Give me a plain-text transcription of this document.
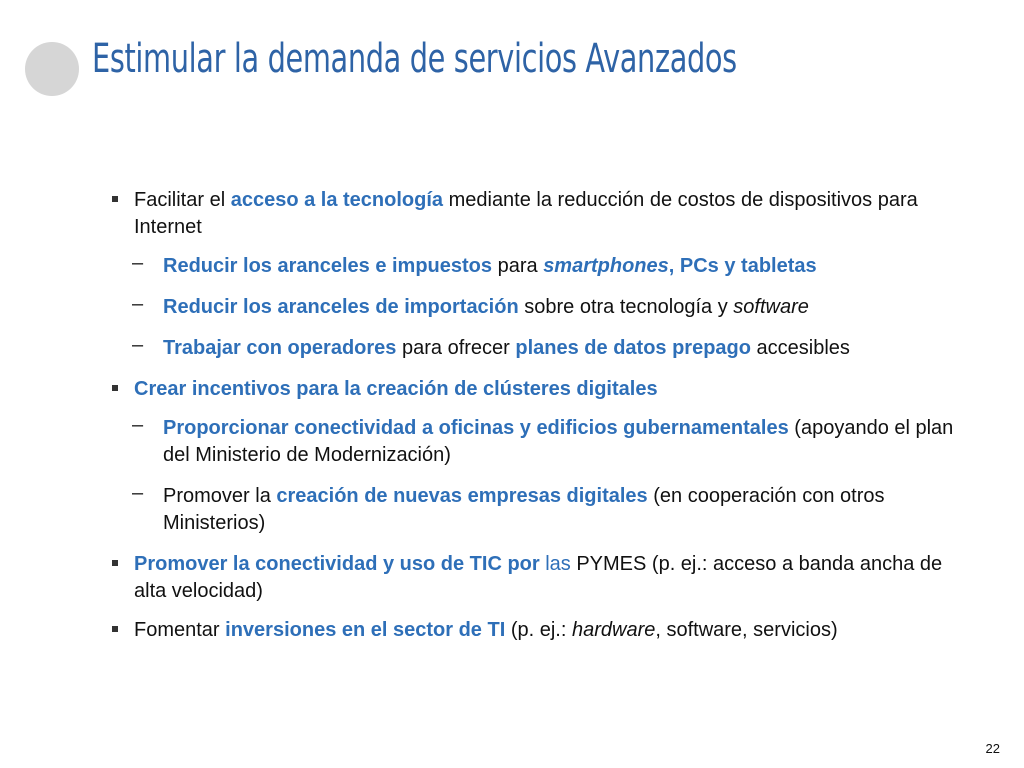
Estimular la demanda de servicios Avanzados
Facilitar el acceso a la tecnología mediante la reducción de costos de dispositivos para Internet
– Reducir los aranceles e impuestos para smartphones, PCs y tabletas
– Reducir los aranceles de importación sobre otra tecnología y software
– Trabajar con operadores para ofrecer planes de datos prepago accesibles
Crear incentivos para la creación de clústeres digitales
– Proporcionar conectividad a oficinas y edificios gubernamentales (apoyando el plan del Ministerio de Modernización)
– Promover la creación de nuevas empresas digitales (en cooperación con otros Ministerios)
Promover la conectividad y uso de TIC por las PYMES (p. ej.: acceso a banda ancha de alta velocidad)
Fomentar inversiones en el sector de TI (p. ej.: hardware, software, servicios)
22
